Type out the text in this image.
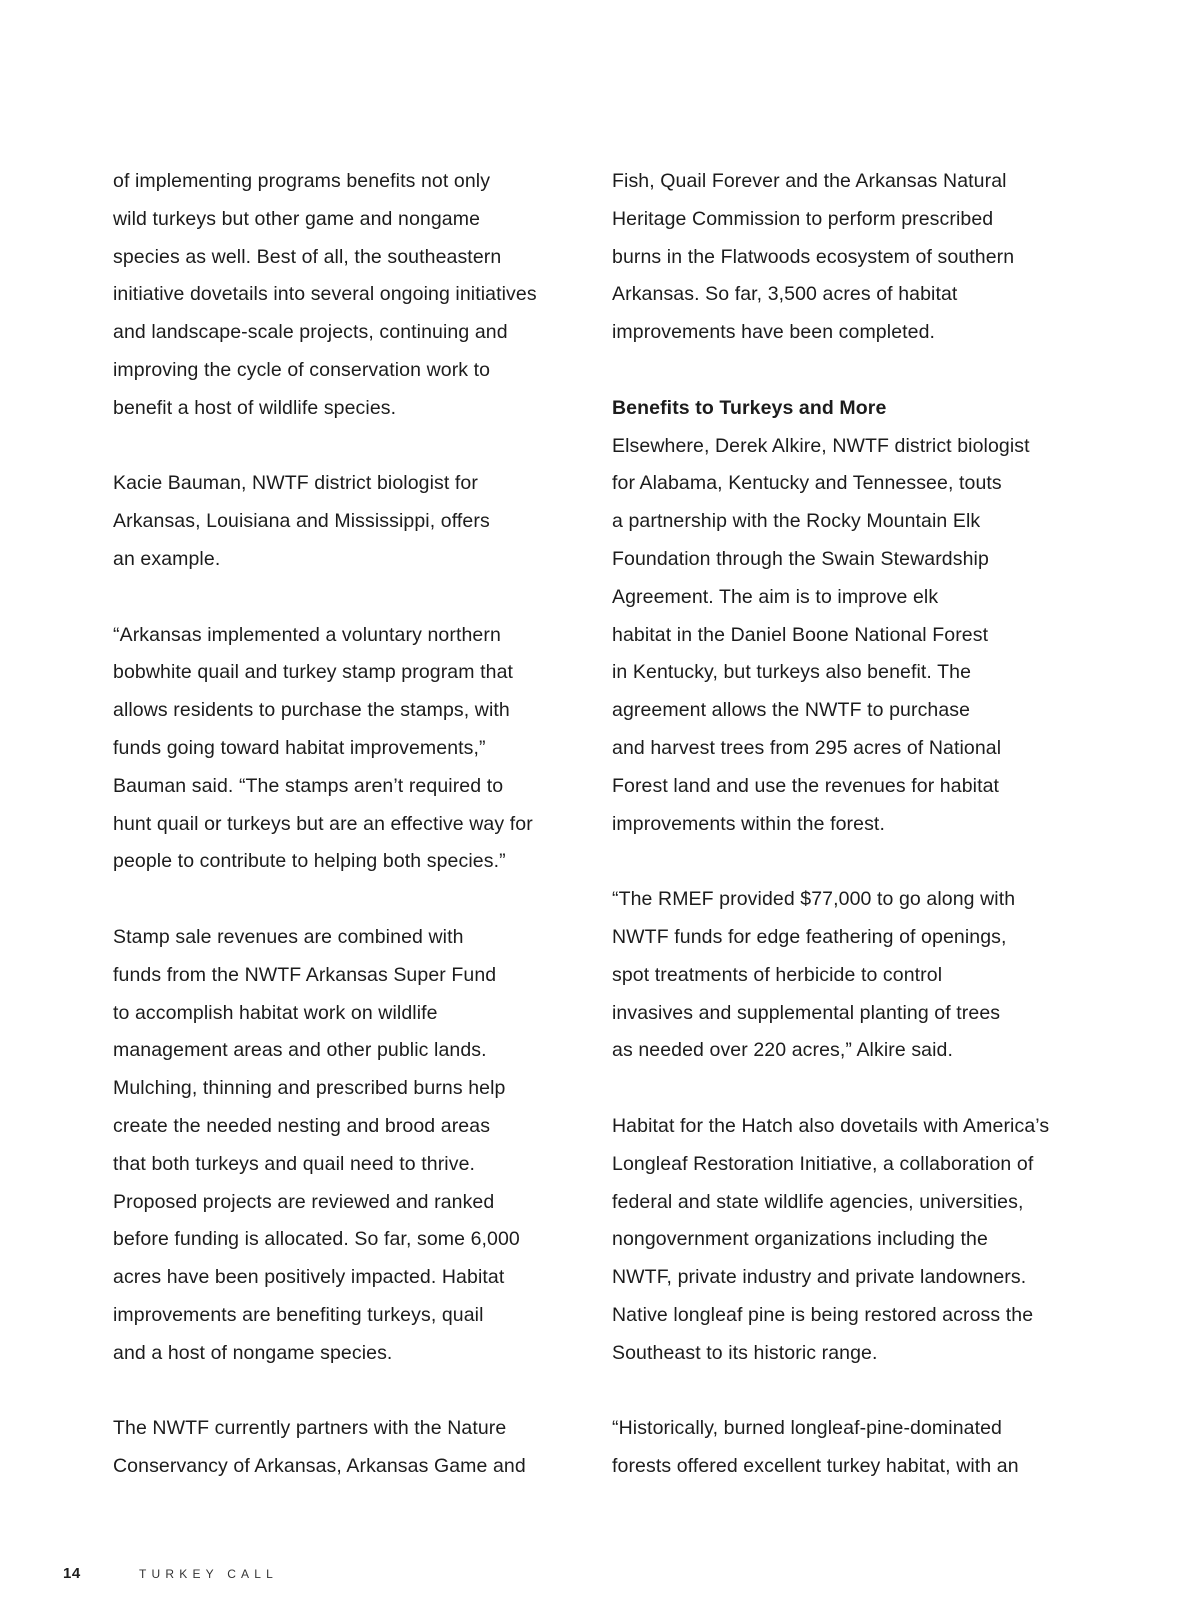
of implementing programs benefits not only
wild turkeys but other game and nongame
species as well. Best of all, the southeastern
initiative dovetails into several ongoing initiatives
and landscape-scale projects, continuing and
improving the cycle of conservation work to
benefit a host of wildlife species.
Kacie Bauman, NWTF district biologist for
Arkansas, Louisiana and Mississippi, offers
an example.
“Arkansas implemented a voluntary northern
bobwhite quail and turkey stamp program that
allows residents to purchase the stamps, with
funds going toward habitat improvements,”
Bauman said. “The stamps aren’t required to
hunt quail or turkeys but are an effective way for
people to contribute to helping both species.”
Stamp sale revenues are combined with
funds from the NWTF Arkansas Super Fund
to accomplish habitat work on wildlife
management areas and other public lands.
Mulching, thinning and prescribed burns help
create the needed nesting and brood areas
that both turkeys and quail need to thrive.
Proposed projects are reviewed and ranked
before funding is allocated. So far, some 6,000
acres have been positively impacted. Habitat
improvements are benefiting turkeys, quail
and a host of nongame species.
The NWTF currently partners with the Nature
Conservancy of Arkansas, Arkansas Game and
Fish, Quail Forever and the Arkansas Natural
Heritage Commission to perform prescribed
burns in the Flatwoods ecosystem of southern
Arkansas. So far, 3,500 acres of habitat
improvements have been completed.
Benefits to Turkeys and More
Elsewhere, Derek Alkire, NWTF district biologist
for Alabama, Kentucky and Tennessee, touts
a partnership with the Rocky Mountain Elk
Foundation through the Swain Stewardship
Agreement. The aim is to improve elk
habitat in the Daniel Boone National Forest
in Kentucky, but turkeys also benefit. The
agreement allows the NWTF to purchase
and harvest trees from 295 acres of National
Forest land and use the revenues for habitat
improvements within the forest.
“The RMEF provided $77,000 to go along with
NWTF funds for edge feathering of openings,
spot treatments of herbicide to control
invasives and supplemental planting of trees
as needed over 220 acres,” Alkire said.
Habitat for the Hatch also dovetails with America’s
Longleaf Restoration Initiative, a collaboration of
federal and state wildlife agencies, universities,
nongovernment organizations including the
NWTF, private industry and private landowners.
Native longleaf pine is being restored across the
Southeast to its historic range.
“Historically, burned longleaf-pine-dominated
forests offered excellent turkey habitat, with an
14	TURKEY CALL
